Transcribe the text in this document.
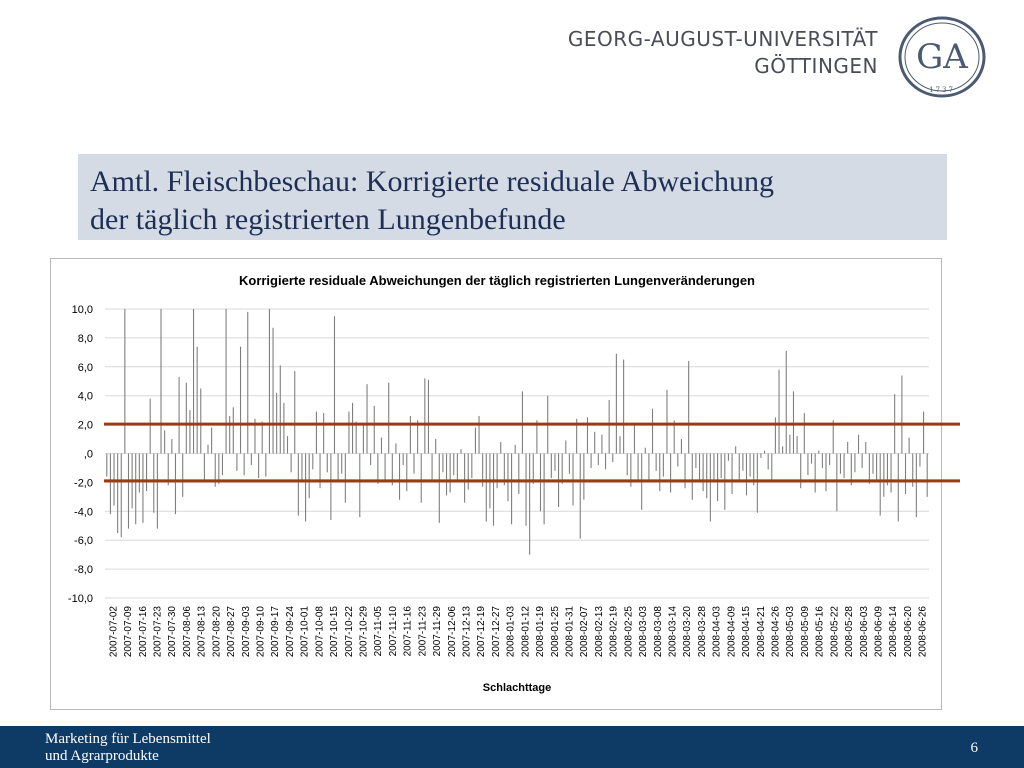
GEORG-AUGUST-UNIVERSITÄT
GÖTTINGEN GA
1737
Amtl. Fleischbeschau: Korrigierte residuale Abweichung
der täglich registrierten Lungenbefunde
Korrigierte residuale Abweichungen der täglich registrierten Lungenveränderungen
10,0
8,0
6,0
4,0
2,0
,0
-2,0
-4,0
-6,0
-8,0
-10,0
2007-07-02 2007-07-09 2007-07-16 2007-07-23 2007-07-30 2007-08-06 2007-08-13 2007-08-20 2007-08-27 2007-09-03 2007-09-10 2007-09-17 2007-09-24 2007-10-01 2007-10-08 2007-10-15 2007-10-22 2007-10-29 2007-11-05 2007-11-10 2007-11-16 2007-11-23 2007-11-29 2007-12-06 2007-12-13 2007-12-19 2007-12-27 2008-01-03 2008-01-12 2008-01-19 2008-01-25 2008-01-31 2008-02-07 2008-02-13 2008-02-19 2008-02-25 2008-03-03 2008-03-08 2008-03-14 2008-03-20 2008-03-28 2008-04-03 2008-04-09 2008-04-15 2008-04-21 2008-04-26 2008-05-03 2008-05-09 2008-05-16 2008-05-22 2008-05-28 2008-06-03 2008-06-09 2008-06-14 2008-06-20 2008-06-26
Schlachttage
Marketing für Lebensmittel
und Agrarprodukte	6
